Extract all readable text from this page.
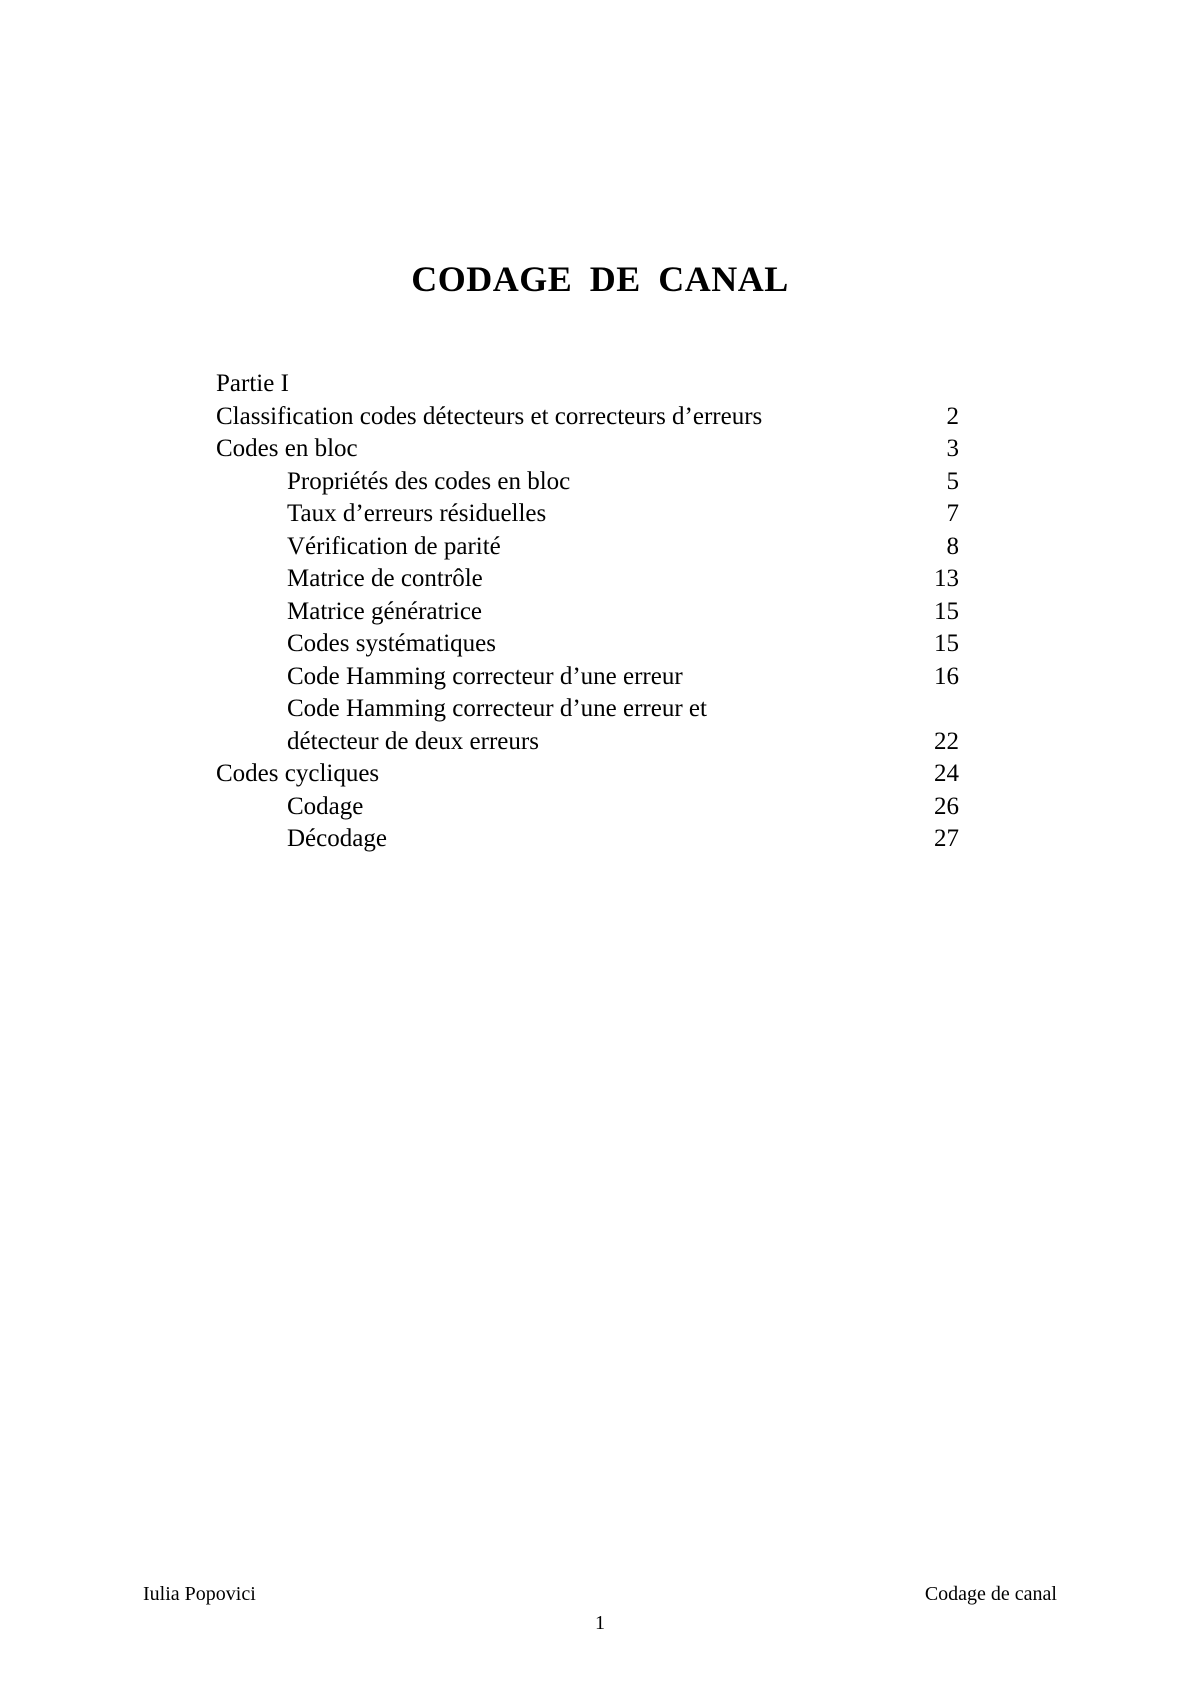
CODAGE DE CANAL
Partie I
Classification codes détecteurs et correcteurs d’erreurs	2
Codes en bloc	3
Propriétés des codes en bloc	5
Taux d’erreurs résiduelles	7
Vérification de parité	8
Matrice de contrôle	13
Matrice génératrice	15
Codes systématiques	15
Code Hamming correcteur d’une erreur	16
Code Hamming correcteur d’une erreur et
détecteur de deux erreurs	22
Codes cycliques	24
Codage	26
Décodage	27
Iulia Popovici	Codage de canal
1
